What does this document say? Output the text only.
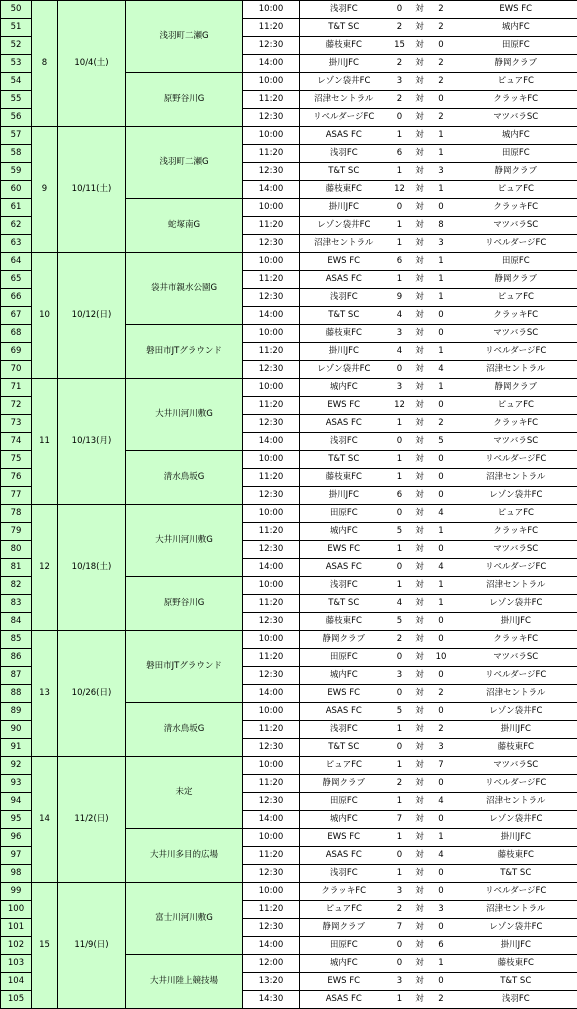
50	8	10/4(土)	浅羽町二瀬G	10:00	浅羽FC	0	対	2	EWS FC
51				11:20	T&T SC	2	対	2	城内FC
52				12:30	藤枝東FC	15	対	0	田原FC
53				14:00	掛川JFC	2	対	2	静岡クラブ
54			原野谷川G	10:00	レゾン袋井FC	3	対	2	ピュアFC
55				11:20	沼津セントラル	2	対	0	クラッキFC
56				12:30	リベルダージFC	0	対	2	マツバラSC
57	9	10/11(土)	浅羽町二瀬G	10:00	ASAS FC	1	対	1	城内FC
58				11:20	浅羽FC	6	対	1	田原FC
59				12:30	T&T SC	1	対	3	静岡クラブ
60				14:00	藤枝東FC	12	対	1	ピュアFC
61			蛇塚南G	10:00	掛川JFC	0	対	0	クラッキFC
62				11:20	レゾン袋井FC	1	対	8	マツバラSC
63				12:30	沼津セントラル	1	対	3	リベルダージFC
64	10	10/12(日)	袋井市親水公園G	10:00	EWS FC	6	対	1	田原FC
65				11:20	ASAS FC	1	対	1	静岡クラブ
66				12:30	浅羽FC	9	対	1	ピュアFC
67				14:00	T&T SC	4	対	0	クラッキFC
68			磐田市JTグラウンド	10:00	藤枝東FC	3	対	0	マツバラSC
69				11:20	掛川JFC	4	対	1	リベルダージFC
70				12:30	レゾン袋井FC	0	対	4	沼津セントラル
71	11	10/13(月)	大井川河川敷G	10:00	城内FC	3	対	1	静岡クラブ
72				11:20	EWS FC	12	対	0	ピュアFC
73				12:30	ASAS FC	1	対	2	クラッキFC
74				14:00	浅羽FC	0	対	5	マツバラSC
75			清水鳥坂G	10:00	T&T SC	1	対	0	リベルダージFC
76				11:20	藤枝東FC	1	対	0	沼津セントラル
77				12:30	掛川JFC	6	対	0	レゾン袋井FC
78	12	10/18(土)	大井川河川敷G	10:00	田原FC	0	対	4	ピュアFC
79				11:20	城内FC	5	対	1	クラッキFC
80				12:30	EWS FC	1	対	0	マツバラSC
81				14:00	ASAS FC	0	対	4	リベルダージFC
82			原野谷川G	10:00	浅羽FC	1	対	1	沼津セントラル
83				11:20	T&T SC	4	対	1	レゾン袋井FC
84				12:30	藤枝東FC	5	対	0	掛川JFC
85	13	10/26(日)	磐田市JTグラウンド	10:00	静岡クラブ	2	対	0	クラッキFC
86				11:20	田原FC	0	対	10	マツバラSC
87				12:30	城内FC	3	対	0	リベルダージFC
88				14:00	EWS FC	0	対	2	沼津セントラル
89			清水鳥坂G	10:00	ASAS FC	5	対	0	レゾン袋井FC
90				11:20	浅羽FC	1	対	2	掛川JFC
91				12:30	T&T SC	0	対	3	藤枝東FC
92	14	11/2(日)	未定	10:00	ピュアFC	1	対	7	マツバラSC
93				11:20	静岡クラブ	2	対	0	リベルダージFC
94				12:30	田原FC	1	対	4	沼津セントラル
95				14:00	城内FC	7	対	0	レゾン袋井FC
96			大井川多目的広場	10:00	EWS FC	1	対	1	掛川JFC
97				11:20	ASAS FC	0	対	4	藤枝東FC
98				12:30	浅羽FC	1	対	0	T&T SC
99	15	11/9(日)	富士川河川敷G	10:00	クラッキFC	3	対	0	リベルダージFC
100				11:20	ピュアFC	2	対	3	沼津セントラル
101				12:30	静岡クラブ	7	対	0	レゾン袋井FC
102				14:00	田原FC	0	対	6	掛川JFC
103			大井川陸上競技場	12:00	城内FC	0	対	1	藤枝東FC
104				13:20	EWS FC	3	対	0	T&T SC
105				14:30	ASAS FC	1	対	2	浅羽FC
